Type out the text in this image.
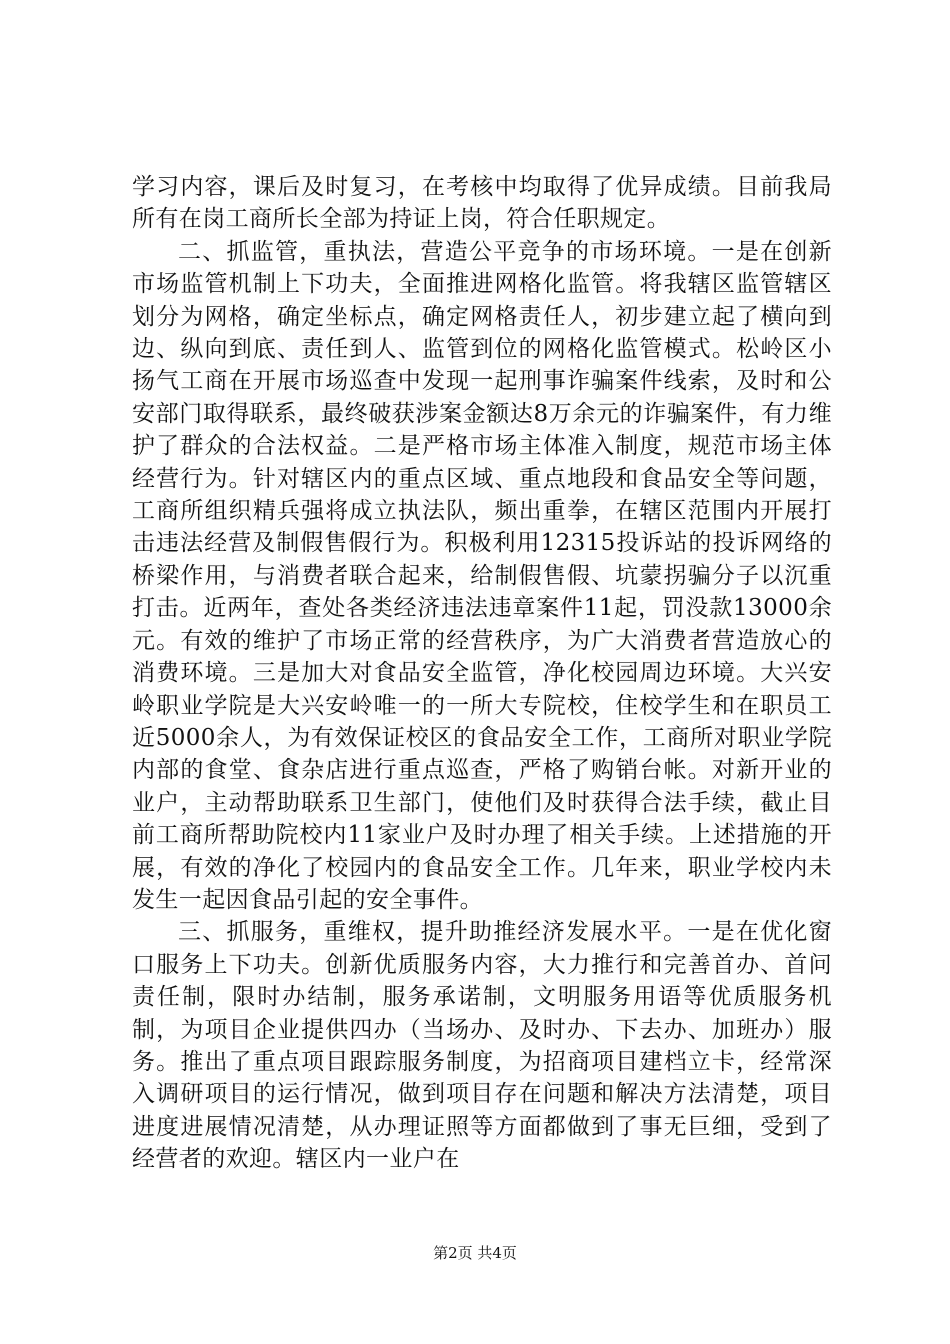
学习内容，课后及时复习，在考核中均取得了优异成绩。目前我局所有在岗工商所长全部为持证上岗，符合任职规定。

二、抓监管，重执法，营造公平竞争的市场环境。一是在创新市场监管机制上下功夫，全面推进网格化监管。将我辖区监管辖区划分为网格，确定坐标点，确定网格责任人，初步建立起了横向到边、纵向到底、责任到人、监管到位的网格化监管模式。松岭区小扬气工商在开展市场巡查中发现一起刑事诈骗案件线索，及时和公安部门取得联系，最终破获涉案金额达8万余元的诈骗案件，有力维护了群众的合法权益。二是严格市场主体准入制度，规范市场主体经营行为。针对辖区内的重点区域、重点地段和食品安全等问题，工商所组织精兵强将成立执法队，频出重拳，在辖区范围内开展打击违法经营及制假售假行为。积极利用12315投诉站的投诉网络的桥梁作用，与消费者联合起来，给制假售假、坑蒙拐骗分子以沉重打击。近两年，查处各类经济违法违章案件11起，罚没款13000余元。有效的维护了市场正常的经营秩序，为广大消费者营造放心的消费环境。三是加大对食品安全监管，净化校园周边环境。大兴安岭职业学院是大兴安岭唯一的一所大专院校，住校学生和在职员工近5000余人，为有效保证校区的食品安全工作，工商所对职业学院内部的食堂、食杂店进行重点巡查，严格了购销台帐。对新开业的业户，主动帮助联系卫生部门，使他们及时获得合法手续，截止目前工商所帮助院校内11家业户及时办理了相关手续。上述措施的开展，有效的净化了校园内的食品安全工作。几年来，职业学校内未发生一起因食品引起的安全事件。

三、抓服务，重维权，提升助推经济发展水平。一是在优化窗口服务上下功夫。创新优质服务内容，大力推行和完善首办、首问责任制，限时办结制，服务承诺制，文明服务用语等优质服务机制，为项目企业提供四办（当场办、及时办、下去办、加班办）服务。推出了重点项目跟踪服务制度，为招商项目建档立卡，经常深入调研项目的运行情况，做到项目存在问题和解决方法清楚，项目进度进展情况清楚，从办理证照等方面都做到了事无巨细，受到了经营者的欢迎。辖区内一业户在

第2页 共4页
